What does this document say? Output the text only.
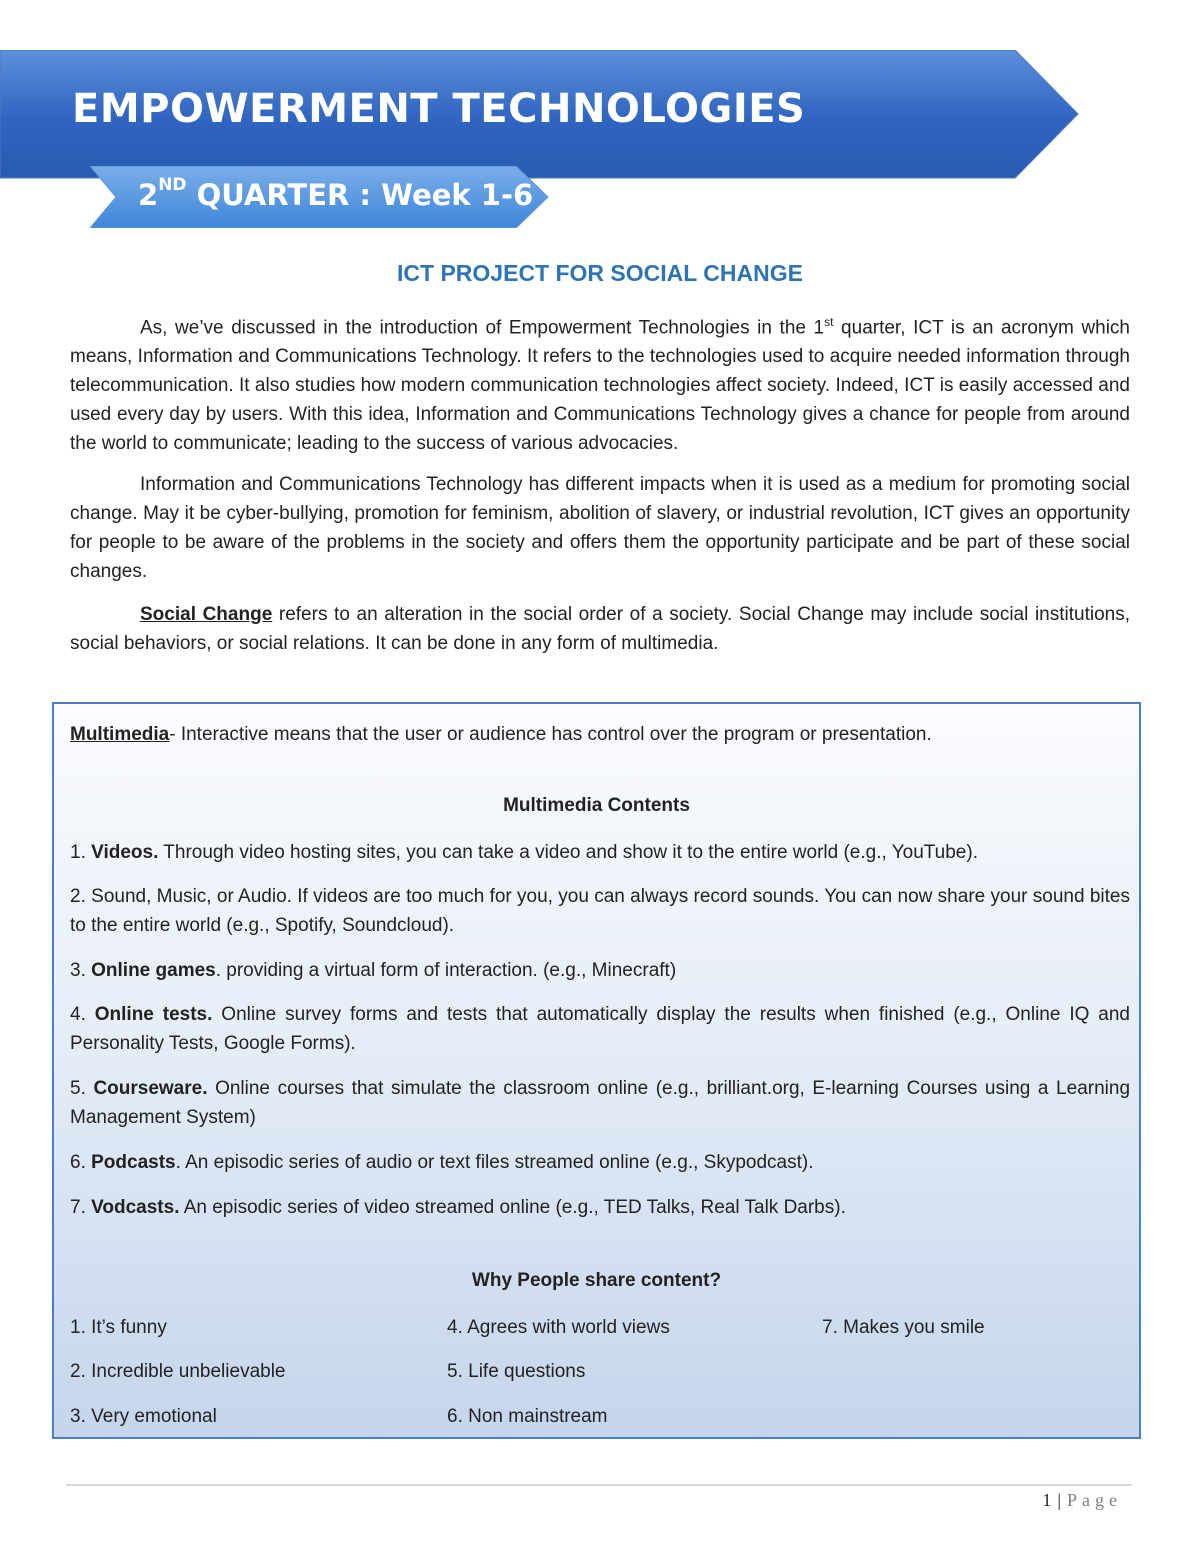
EMPOWERMENT TECHNOLOGIES
2ND QUARTER : Week 1-6
ICT PROJECT FOR SOCIAL CHANGE

As, we’ve discussed in the introduction of Empowerment Technologies in the 1st quarter, ICT is an acronym which means, Information and Communications Technology. It refers to the technologies used to acquire needed information through telecommunication. It also studies how modern communication technologies affect society. Indeed, ICT is easily accessed and used every day by users. With this idea, Information and Communications Technology gives a chance for people from around the world to communicate; leading to the success of various advocacies.

Information and Communications Technology has different impacts when it is used as a medium for promoting social change. May it be cyber-bullying, promotion for feminism, abolition of slavery, or industrial revolution, ICT gives an opportunity for people to be aware of the problems in the society and offers them the opportunity participate and be part of these social changes.

Social Change refers to an alteration in the social order of a society. Social Change may include social institutions, social behaviors, or social relations. It can be done in any form of multimedia.

Multimedia- Interactive means that the user or audience has control over the program or presentation.
Multimedia Contents
1. Videos. Through video hosting sites, you can take a video and show it to the entire world (e.g., YouTube).
2. Sound, Music, or Audio. If videos are too much for you, you can always record sounds. You can now share your sound bites to the entire world (e.g., Spotify, Soundcloud).
3. Online games. providing a virtual form of interaction. (e.g., Minecraft)
4. Online tests. Online survey forms and tests that automatically display the results when finished (e.g., Online IQ and Personality Tests, Google Forms).
5. Courseware. Online courses that simulate the classroom online (e.g., brilliant.org, E-learning Courses using a Learning Management System)
6. Podcasts. An episodic series of audio or text files streamed online (e.g., Skypodcast).
7. Vodcasts. An episodic series of video streamed online (e.g., TED Talks, Real Talk Darbs).
Why People share content?
1. It’s funny
2. Incredible unbelievable
3. Very emotional
4. Agrees with world views
5. Life questions
6. Non mainstream
7. Makes you smile
1 | Page
